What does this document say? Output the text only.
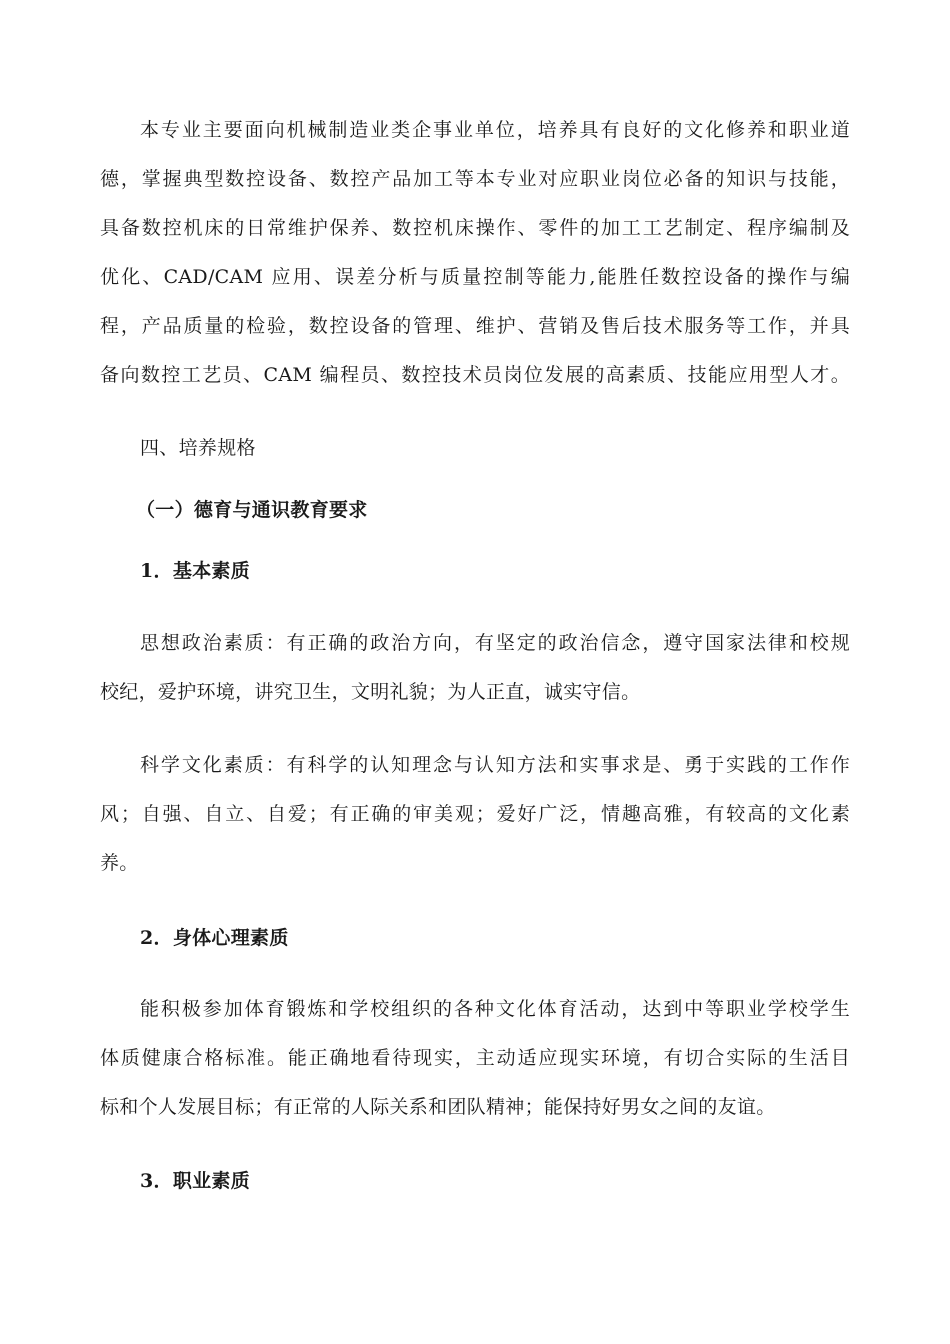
本专业主要面向机械制造业类企事业单位，培养具有良好的文化修养和职业道
德，掌握典型数控设备、数控产品加工等本专业对应职业岗位必备的知识与技能，
具备数控机床的日常维护保养、数控机床操作、零件的加工工艺制定、程序编制及
优化、CAD/CAM 应用、误差分析与质量控制等能力,能胜任数控设备的操作与编
程，产品质量的检验，数控设备的管理、维护、营销及售后技术服务等工作，并具
备向数控工艺员、CAM 编程员、数控技术员岗位发展的高素质、技能应用型人才。
四、培养规格
（一）德育与通识教育要求
1．基本素质
思想政治素质：有正确的政治方向，有坚定的政治信念，遵守国家法律和校规
校纪，爱护环境，讲究卫生，文明礼貌；为人正直，诚实守信。
科学文化素质：有科学的认知理念与认知方法和实事求是、勇于实践的工作作
风；自强、自立、自爱；有正确的审美观；爱好广泛，情趣高雅，有较高的文化素
养。
2．身体心理素质
能积极参加体育锻炼和学校组织的各种文化体育活动，达到中等职业学校学生
体质健康合格标准。能正确地看待现实，主动适应现实环境，有切合实际的生活目
标和个人发展目标；有正常的人际关系和团队精神；能保持好男女之间的友谊。
3．职业素质
